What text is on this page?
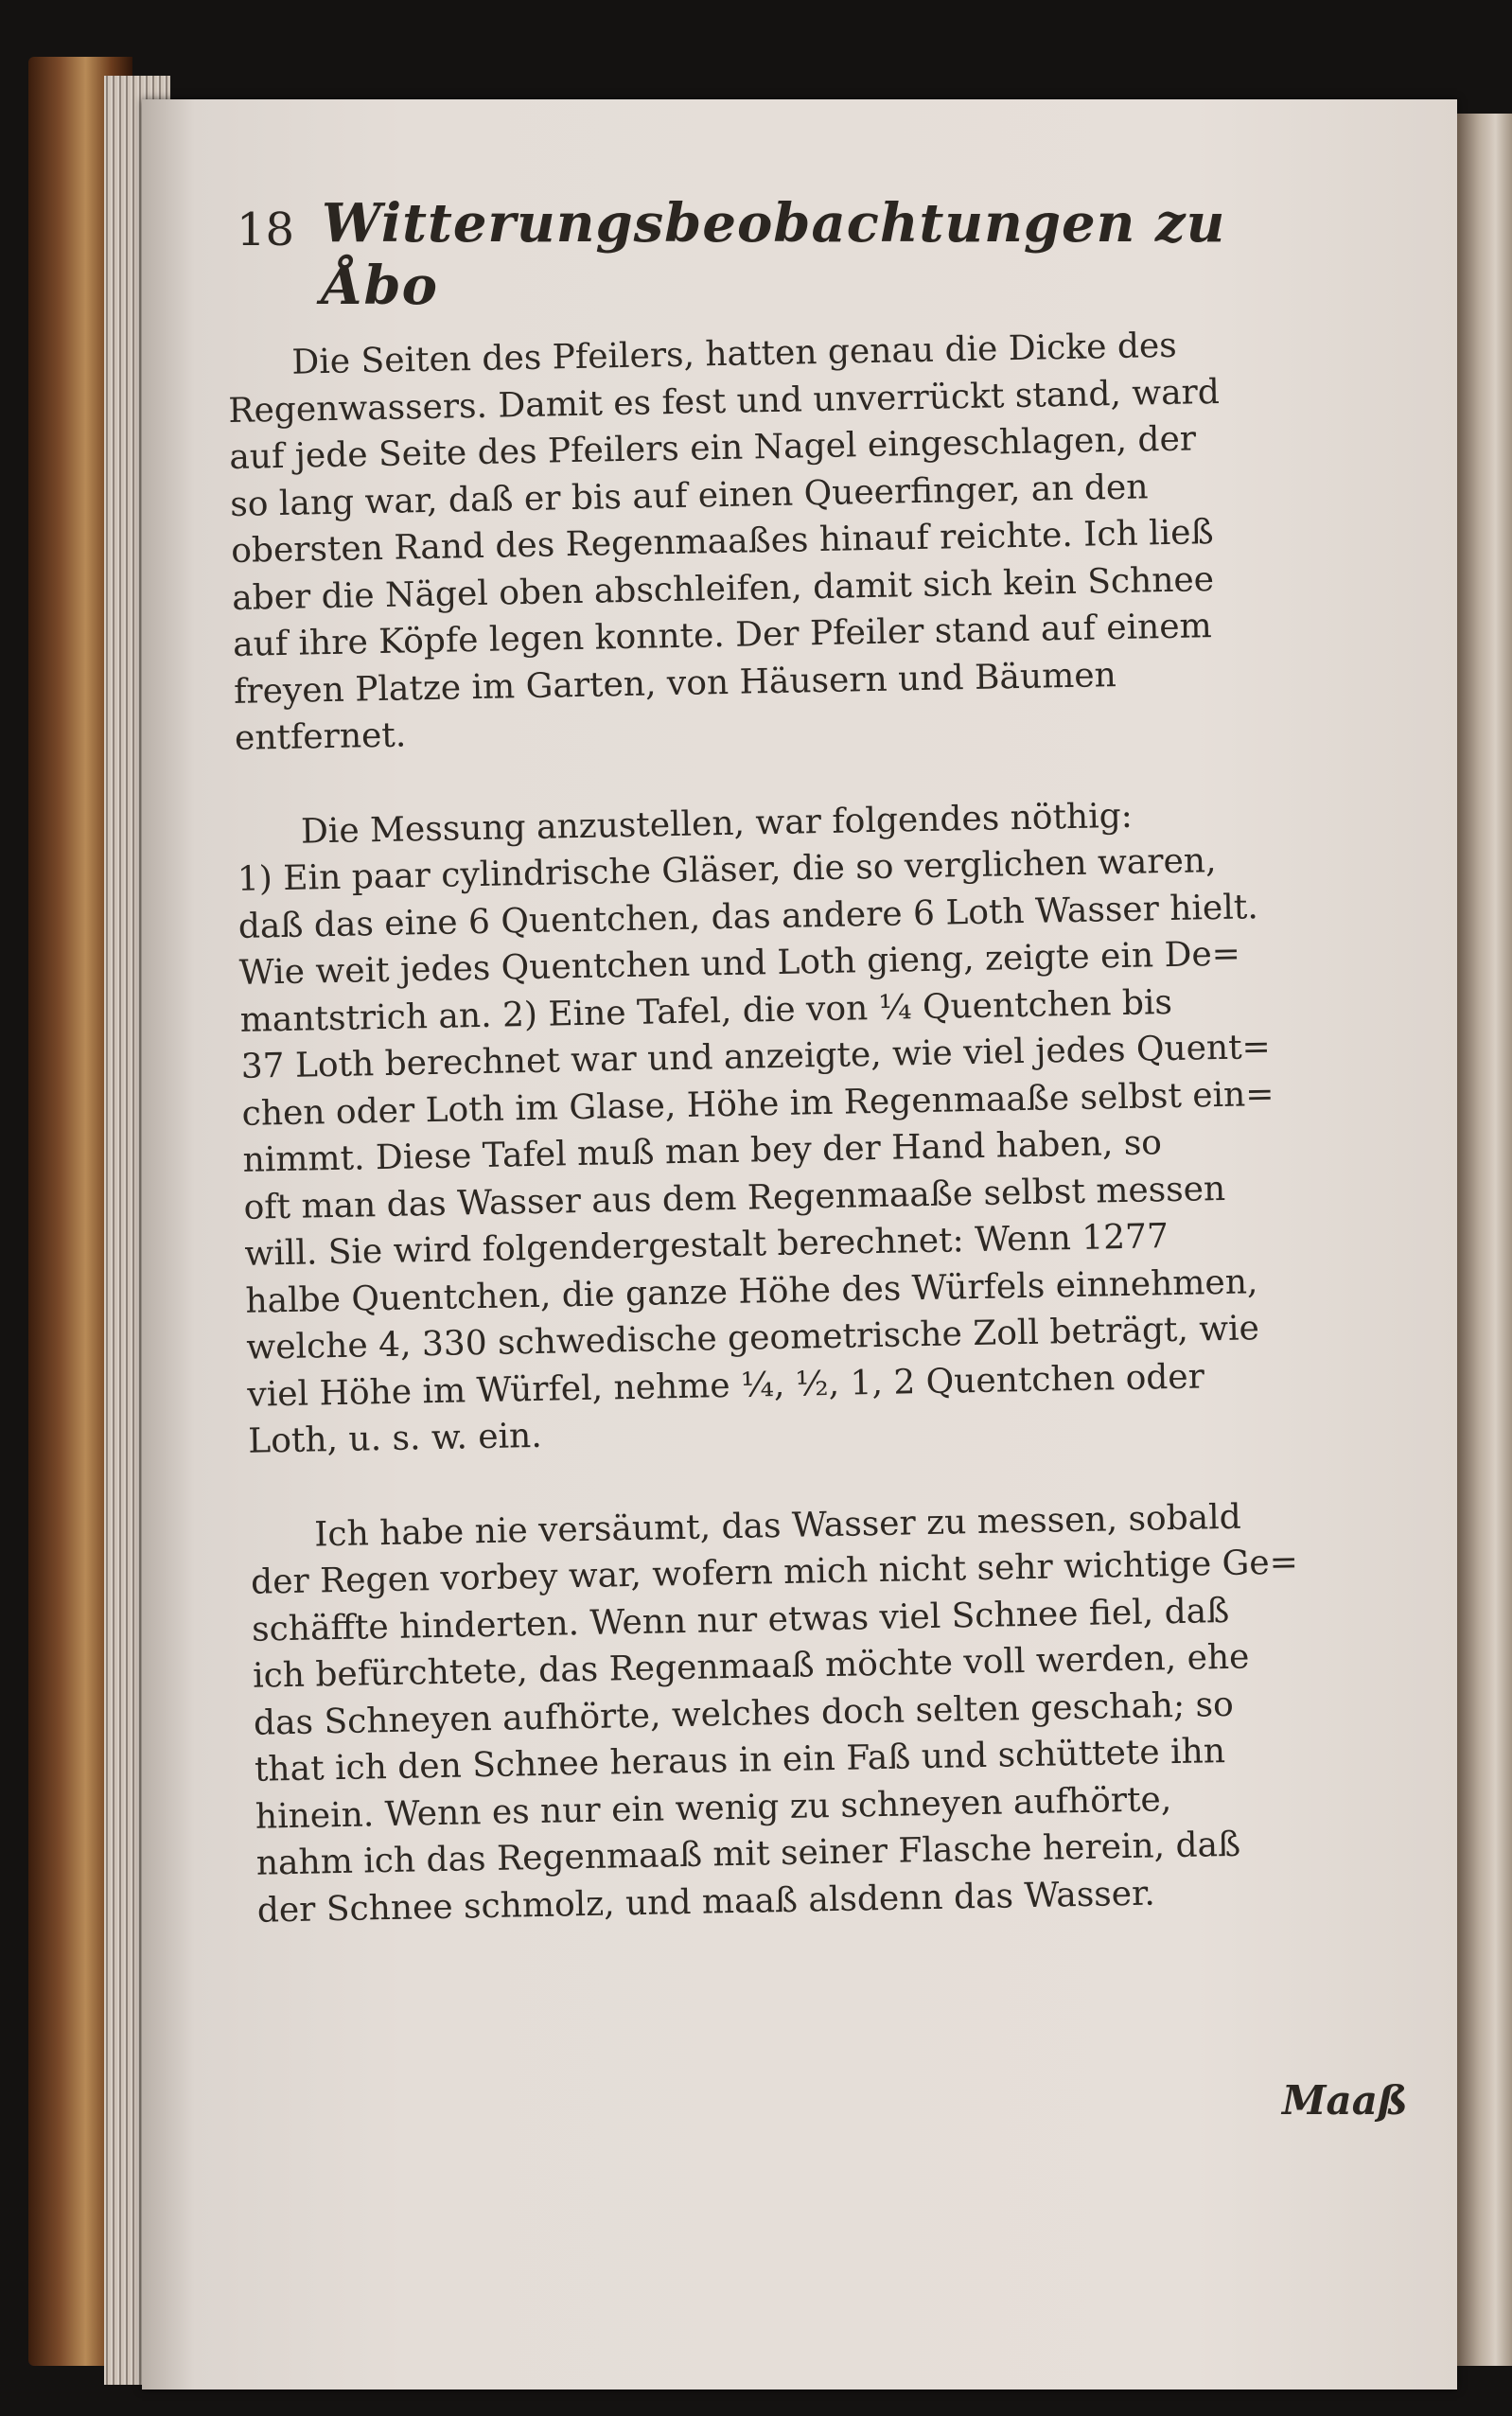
18 Witterungsbeobachtungen zu Åbo
Die Seiten des Pfeilers, hatten genau die Dicke des
Regenwassers. Damit es fest und unverrückt stand, ward
auf jede Seite des Pfeilers ein Nagel eingeschlagen, der
so lang war, daß er bis auf einen Queerfinger, an den
obersten Rand des Regenmaaßes hinauf reichte. Ich ließ
aber die Nägel oben abschleifen, damit sich kein Schnee
auf ihre Köpfe legen konnte. Der Pfeiler stand auf einem
freyen Platze im Garten, von Häusern und Bäumen
entfernet.
Die Messung anzustellen, war folgendes nöthig:
1) Ein paar cylindrische Gläser, die so verglichen waren,
daß das eine 6 Quentchen, das andere 6 Loth Wasser hielt.
Wie weit jedes Quentchen und Loth gieng, zeigte ein De=
mantstrich an. 2) Eine Tafel, die von ¼ Quentchen bis
37 Loth berechnet war und anzeigte, wie viel jedes Quent=
chen oder Loth im Glase, Höhe im Regenmaaße selbst ein=
nimmt. Diese Tafel muß man bey der Hand haben, so
oft man das Wasser aus dem Regenmaaße selbst messen
will. Sie wird folgendergestalt berechnet: Wenn 1277
halbe Quentchen, die ganze Höhe des Würfels einnehmen,
welche 4, 330 schwedische geometrische Zoll beträgt, wie
viel Höhe im Würfel, nehme ¼, ½, 1, 2 Quentchen oder
Loth, u. s. w. ein.
Ich habe nie versäumt, das Wasser zu messen, sobald
der Regen vorbey war, wofern mich nicht sehr wichtige Ge=
schäffte hinderten. Wenn nur etwas viel Schnee fiel, daß
ich befürchtete, das Regenmaaß möchte voll werden, ehe
das Schneyen aufhörte, welches doch selten geschah; so
that ich den Schnee heraus in ein Faß und schüttete ihn
hinein. Wenn es nur ein wenig zu schneyen aufhörte,
nahm ich das Regenmaaß mit seiner Flasche herein, daß
der Schnee schmolz, und maaß alsdenn das Wasser.
Maaß
